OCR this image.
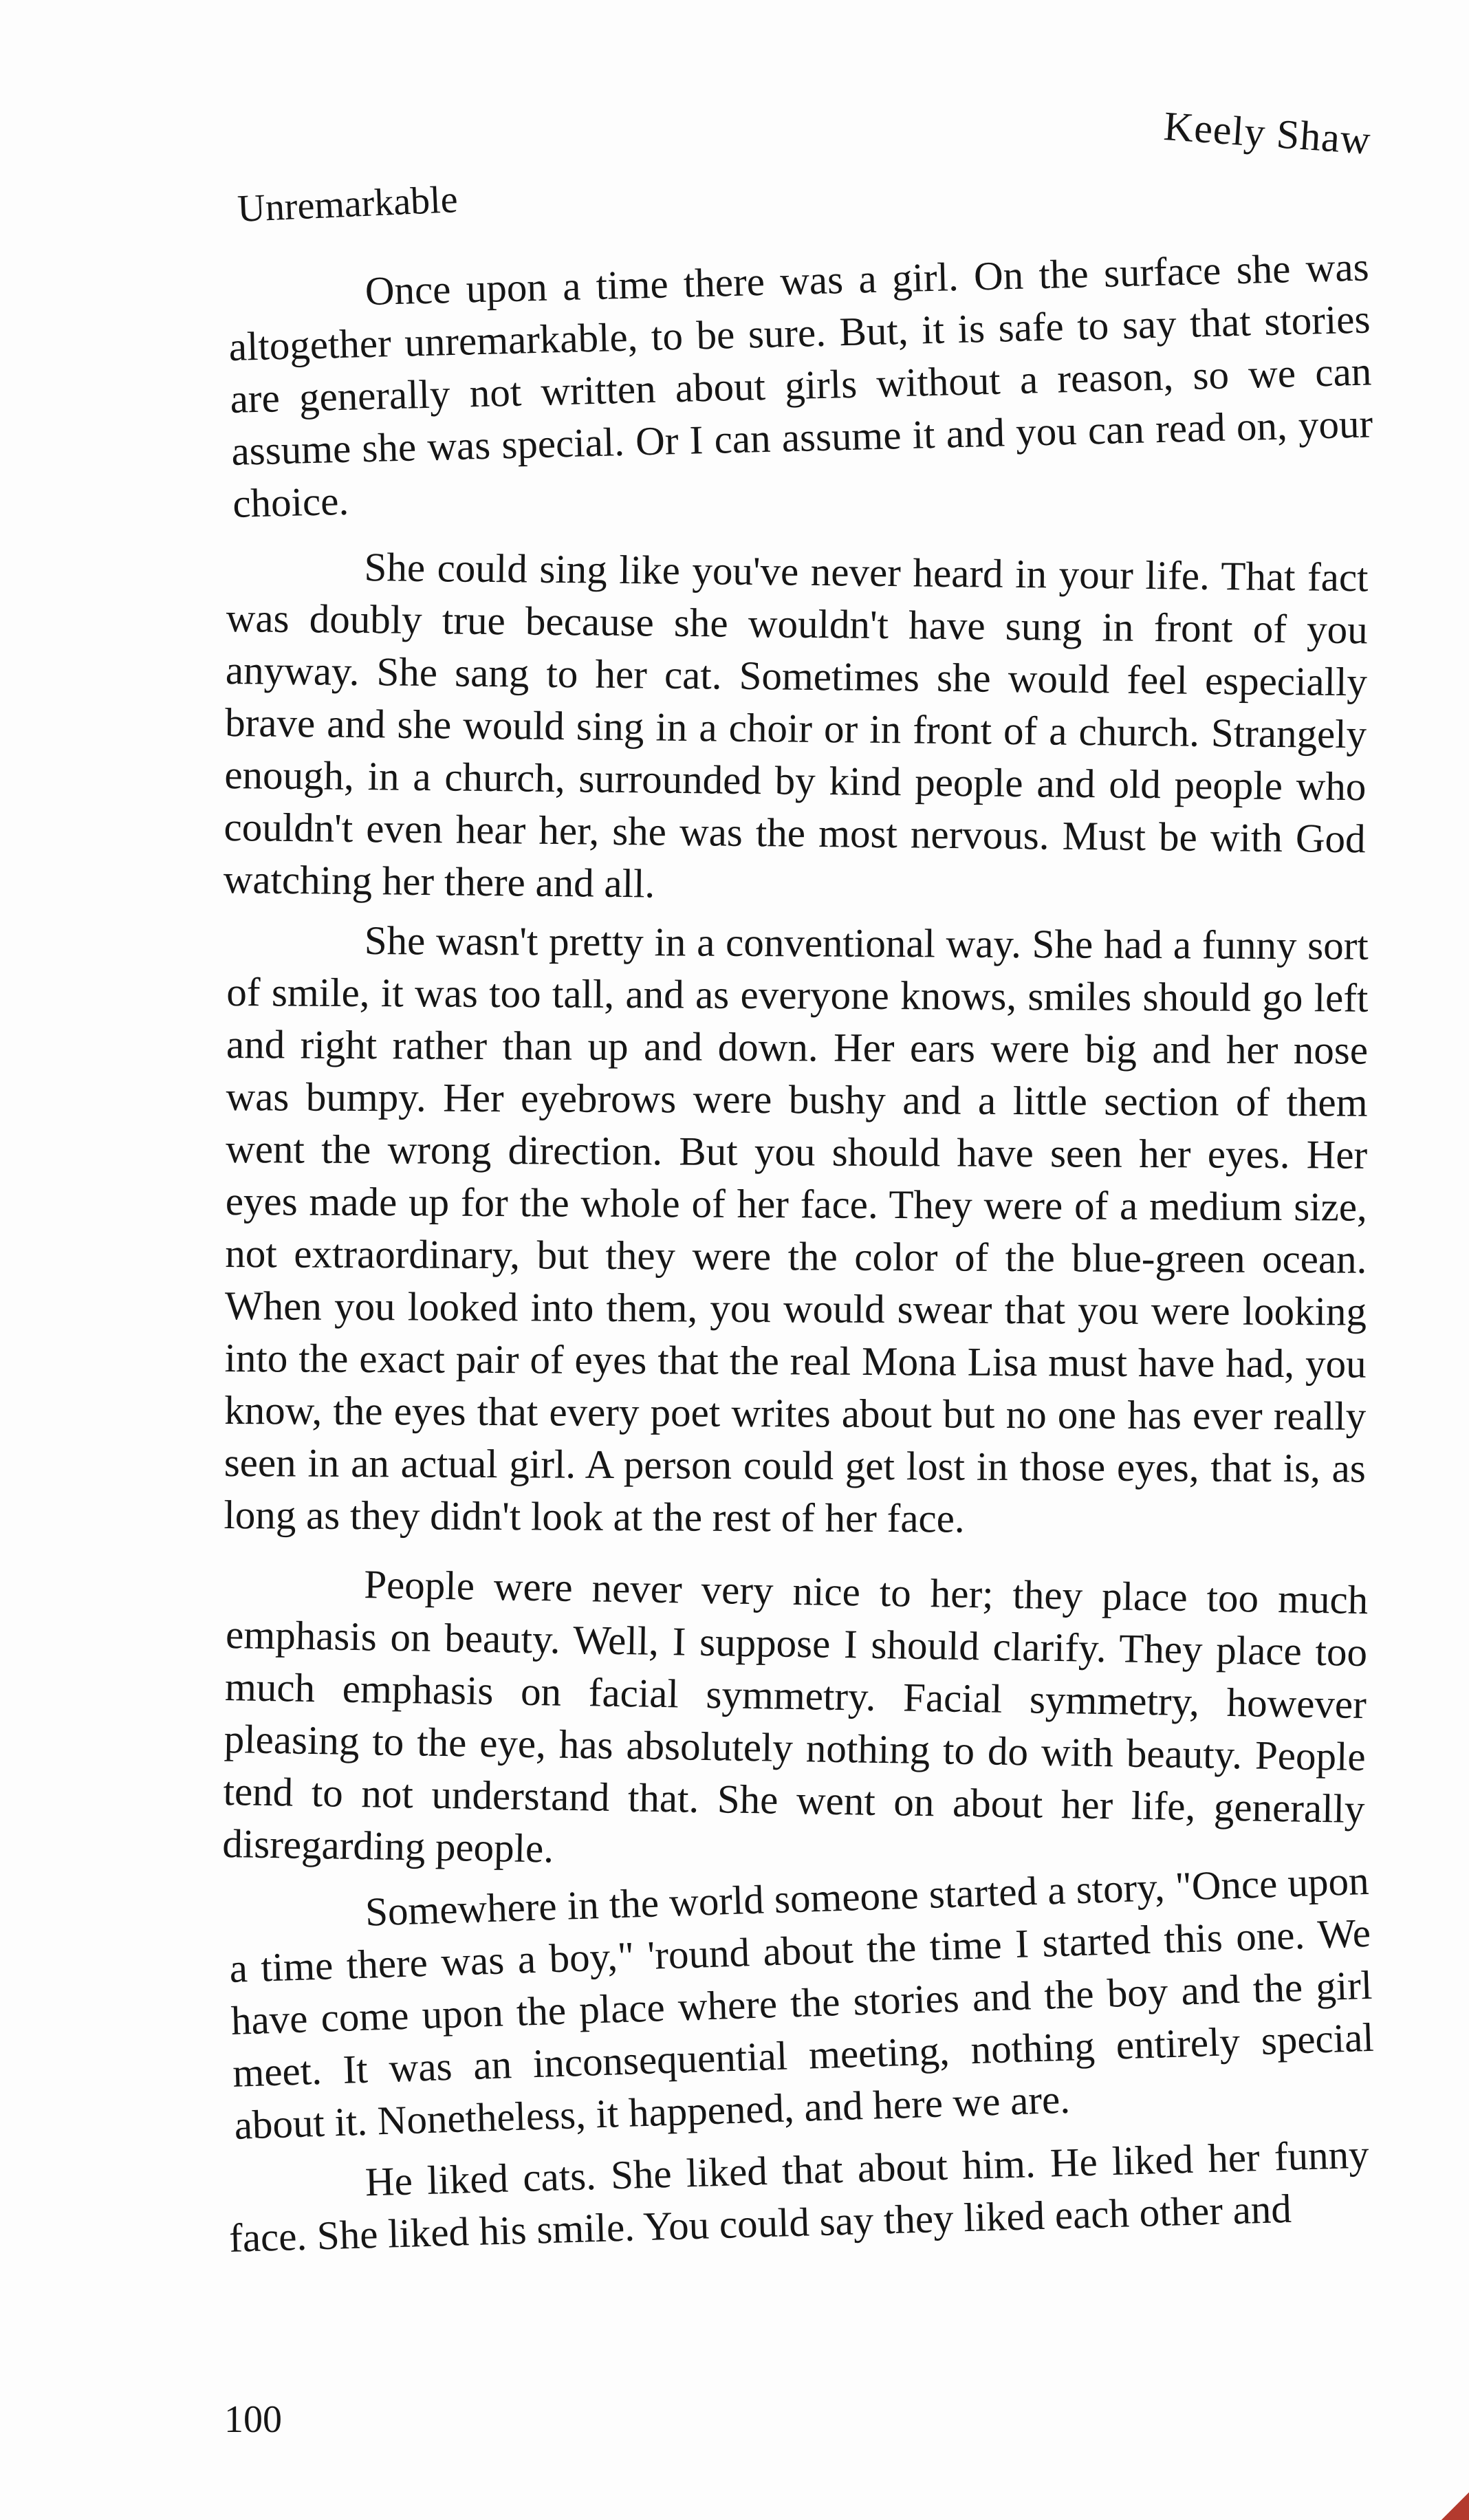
Keely Shaw
Unremarkable

Once upon a time there was a girl. On the surface she was altogether unremarkable, to be sure. But, it is safe to say that stories are generally not written about girls without a reason, so we can assume she was special. Or I can assume it and you can read on, your choice.

She could sing like you've never heard in your life. That fact was doubly true because she wouldn't have sung in front of you anyway. She sang to her cat. Sometimes she would feel especially brave and she would sing in a choir or in front of a church. Strangely enough, in a church, surrounded by kind people and old people who couldn't even hear her, she was the most nervous. Must be with God watching her there and all.

She wasn't pretty in a conventional way. She had a funny sort of smile, it was too tall, and as everyone knows, smiles should go left and right rather than up and down. Her ears were big and her nose was bumpy. Her eyebrows were bushy and a little section of them went the wrong direction. But you should have seen her eyes. Her eyes made up for the whole of her face. They were of a medium size, not extraordinary, but they were the color of the blue-green ocean. When you looked into them, you would swear that you were looking into the exact pair of eyes that the real Mona Lisa must have had, you know, the eyes that every poet writes about but no one has ever really seen in an actual girl. A person could get lost in those eyes, that is, as long as they didn't look at the rest of her face.

People were never very nice to her; they place too much emphasis on beauty. Well, I suppose I should clarify. They place too much emphasis on facial symmetry. Facial symmetry, however pleasing to the eye, has absolutely nothing to do with beauty. People tend to not understand that. She went on about her life, generally disregarding people.

Somewhere in the world someone started a story, "Once upon a time there was a boy," 'round about the time I started this one. We have come upon the place where the stories and the boy and the girl meet. It was an inconsequential meeting, nothing entirely special about it. Nonetheless, it happened, and here we are.

He liked cats. She liked that about him. He liked her funny face. She liked his smile. You could say they liked each other and

100
